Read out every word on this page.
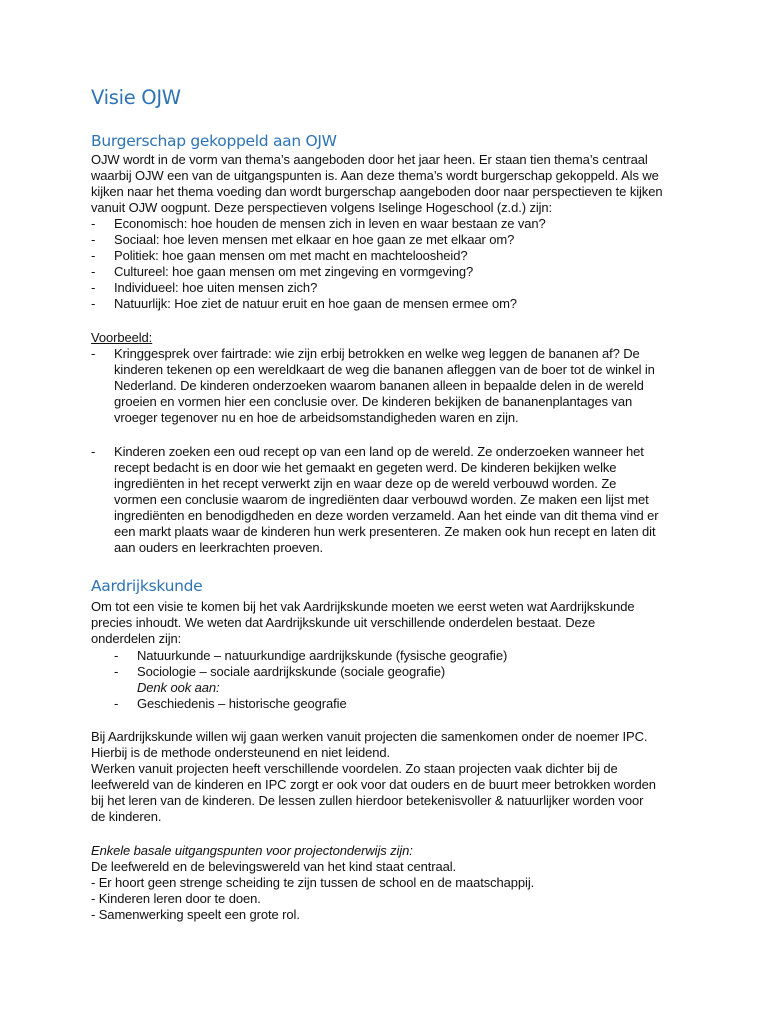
Visie OJW
Burgerschap gekoppeld aan OJW
OJW wordt in de vorm van thema’s aangeboden door het jaar heen. Er staan tien thema’s centraal
waarbij OJW een van de uitgangspunten is. Aan deze thema’s wordt burgerschap gekoppeld. Als we
kijken naar het thema voeding dan wordt burgerschap aangeboden door naar perspectieven te kijken
vanuit OJW oogpunt. Deze perspectieven volgens Iselinge Hogeschool (z.d.) zijn:
- Economisch: hoe houden de mensen zich in leven en waar bestaan ze van?
- Sociaal: hoe leven mensen met elkaar en hoe gaan ze met elkaar om?
- Politiek: hoe gaan mensen om met macht en machteloosheid?
- Cultureel: hoe gaan mensen om met zingeving en vormgeving?
- Individueel: hoe uiten mensen zich?
- Natuurlijk: Hoe ziet de natuur eruit en hoe gaan de mensen ermee om?
Voorbeeld:
- Kringgesprek over fairtrade: wie zijn erbij betrokken en welke weg leggen de bananen af? De
kinderen tekenen op een wereldkaart de weg die bananen afleggen van de boer tot de winkel in
Nederland. De kinderen onderzoeken waarom bananen alleen in bepaalde delen in de wereld
groeien en vormen hier een conclusie over. De kinderen bekijken de bananenplantages van
vroeger tegenover nu en hoe de arbeidsomstandigheden waren en zijn.
- Kinderen zoeken een oud recept op van een land op de wereld. Ze onderzoeken wanneer het
recept bedacht is en door wie het gemaakt en gegeten werd. De kinderen bekijken welke
ingrediënten in het recept verwerkt zijn en waar deze op de wereld verbouwd worden. Ze
vormen een conclusie waarom de ingrediënten daar verbouwd worden. Ze maken een lijst met
ingrediënten en benodigdheden en deze worden verzameld. Aan het einde van dit thema vind er
een markt plaats waar de kinderen hun werk presenteren. Ze maken ook hun recept en laten dit
aan ouders en leerkrachten proeven.
Aardrijkskunde
Om tot een visie te komen bij het vak Aardrijkskunde moeten we eerst weten wat Aardrijkskunde
precies inhoudt. We weten dat Aardrijkskunde uit verschillende onderdelen bestaat. Deze
onderdelen zijn:
- Natuurkunde – natuurkundige aardrijkskunde (fysische geografie)
- Sociologie – sociale aardrijkskunde (sociale geografie)
Denk ook aan:
- Geschiedenis – historische geografie
Bij Aardrijkskunde willen wij gaan werken vanuit projecten die samenkomen onder de noemer IPC.
Hierbij is de methode ondersteunend en niet leidend.
Werken vanuit projecten heeft verschillende voordelen. Zo staan projecten vaak dichter bij de
leefwereld van de kinderen en IPC zorgt er ook voor dat ouders en de buurt meer betrokken worden
bij het leren van de kinderen. De lessen zullen hierdoor betekenisvoller & natuurlijker worden voor
de kinderen.
Enkele basale uitgangspunten voor projectonderwijs zijn:
De leefwereld en de belevingswereld van het kind staat centraal.
- Er hoort geen strenge scheiding te zijn tussen de school en de maatschappij.
- Kinderen leren door te doen.
- Samenwerking speelt een grote rol.
